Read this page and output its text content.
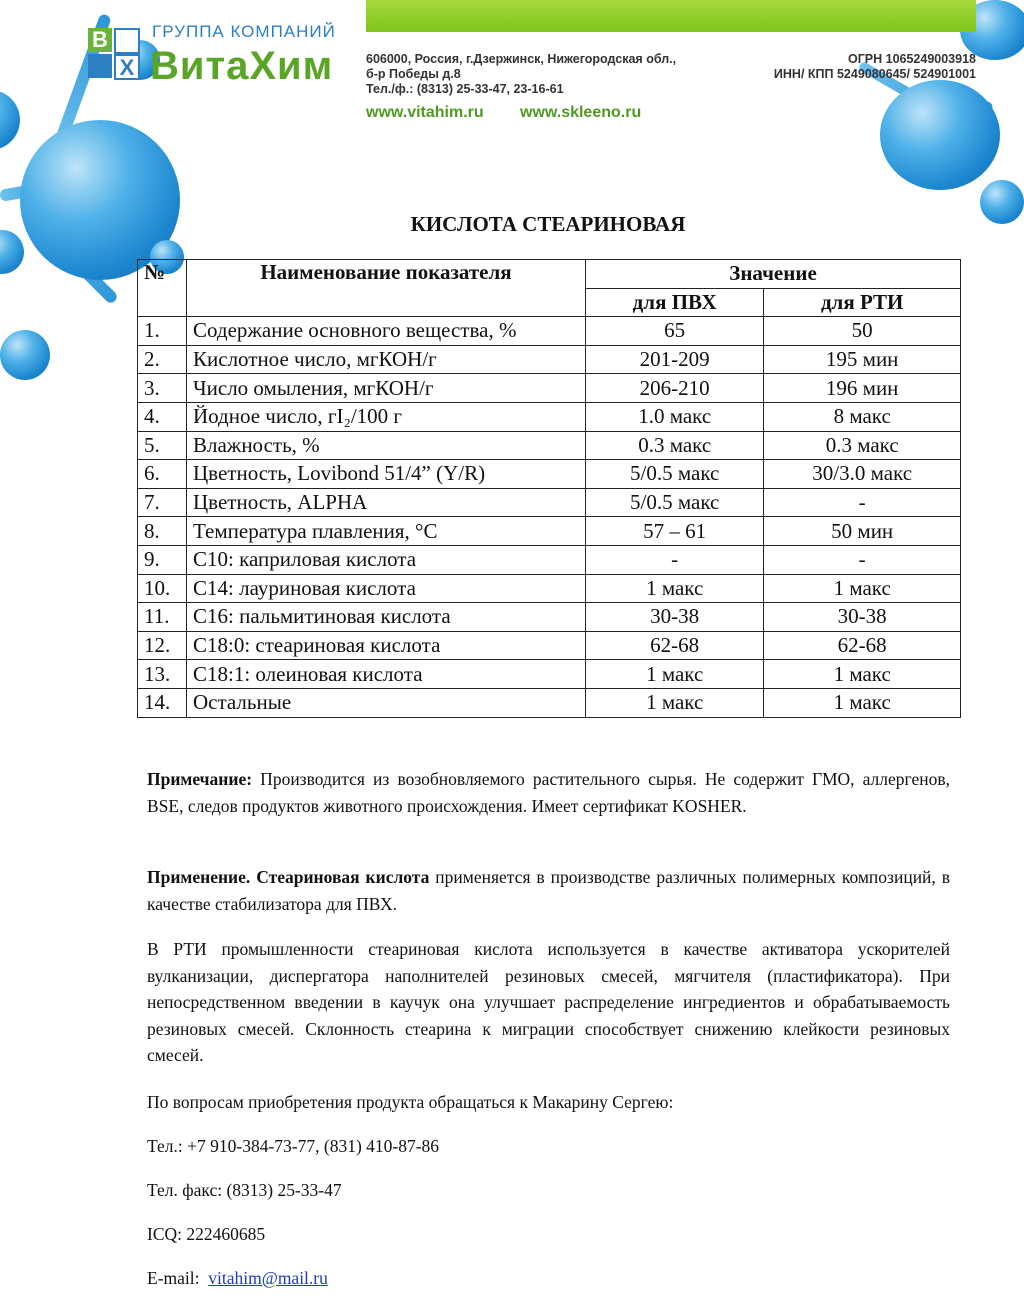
В
Х
ГРУППА КОМПАНИЙ
ВитаХим	606000, Россия, г.Дзержинск, Нижегородская обл.,
б-р Победы д.8
Тел./ф.: (8313) 25-33-47, 23-16-61
ОГРН 1065249003918
ИНН/ КПП 5249080645/ 524901001
www.vitahim.ru www.skleeno.ru
КИСЛОТА СТЕАРИНОВАЯ
№	Наименование показателя	Значение	
		для ПВХ	для РТИ
1.	Содержание основного вещества, %	65	50
2.	Кислотное число, мгКОН/г	201-209	195 мин
3.	Число омыления, мгКОН/г	206-210	196 мин
4.	Йодное число, гI₂/100 г	1.0 макс	8 макс
5.	Влажность, %	0.3 макс	0.3 макс
6.	Цветность, Lovibond 51/4” (Y/R)	5/0.5 макс	30/3.0 макс
7.	Цветность, ALPHA	5/0.5 макс	-
8.	Температура плавления, °С	57 – 61	50 мин
9.	С10: каприловая кислота	-	-
10.	С14: лауриновая кислота	1 макс	1 макс
11.	С16: пальмитиновая кислота	30-38	30-38
12.	С18:0: стеариновая кислота	62-68	62-68
13.	С18:1: олеиновая кислота	1 макс	1 макс
14.	Остальные	1 макс	1 макс
Примечание: Производится из возобновляемого растительного сырья. Не содержит ГМО, аллергенов, BSE, следов продуктов животного происхождения. Имеет сертификат KOSHER.
Применение. Стеариновая кислота применяется в производстве различных полимерных композиций, в качестве стабилизатора для ПВХ.
В РТИ промышленности стеариновая кислота используется в качестве активатора ускорителей вулканизации, диспергатора наполнителей резиновых смесей, мягчителя (пластификатора). При непосредственном введении в каучук она улучшает распределение ингредиентов и обрабатываемость резиновых смесей. Склонность стеарина к миграции способствует снижению клейкости резиновых смесей.
По вопросам приобретения продукта обращаться к Макарину Сергею:
Тел.: +7 910-384-73-77, (831) 410-87-86
Тел. факс: (8313) 25-33-47
ICQ: 222460685
E-mail: vitahim@mail.ru
